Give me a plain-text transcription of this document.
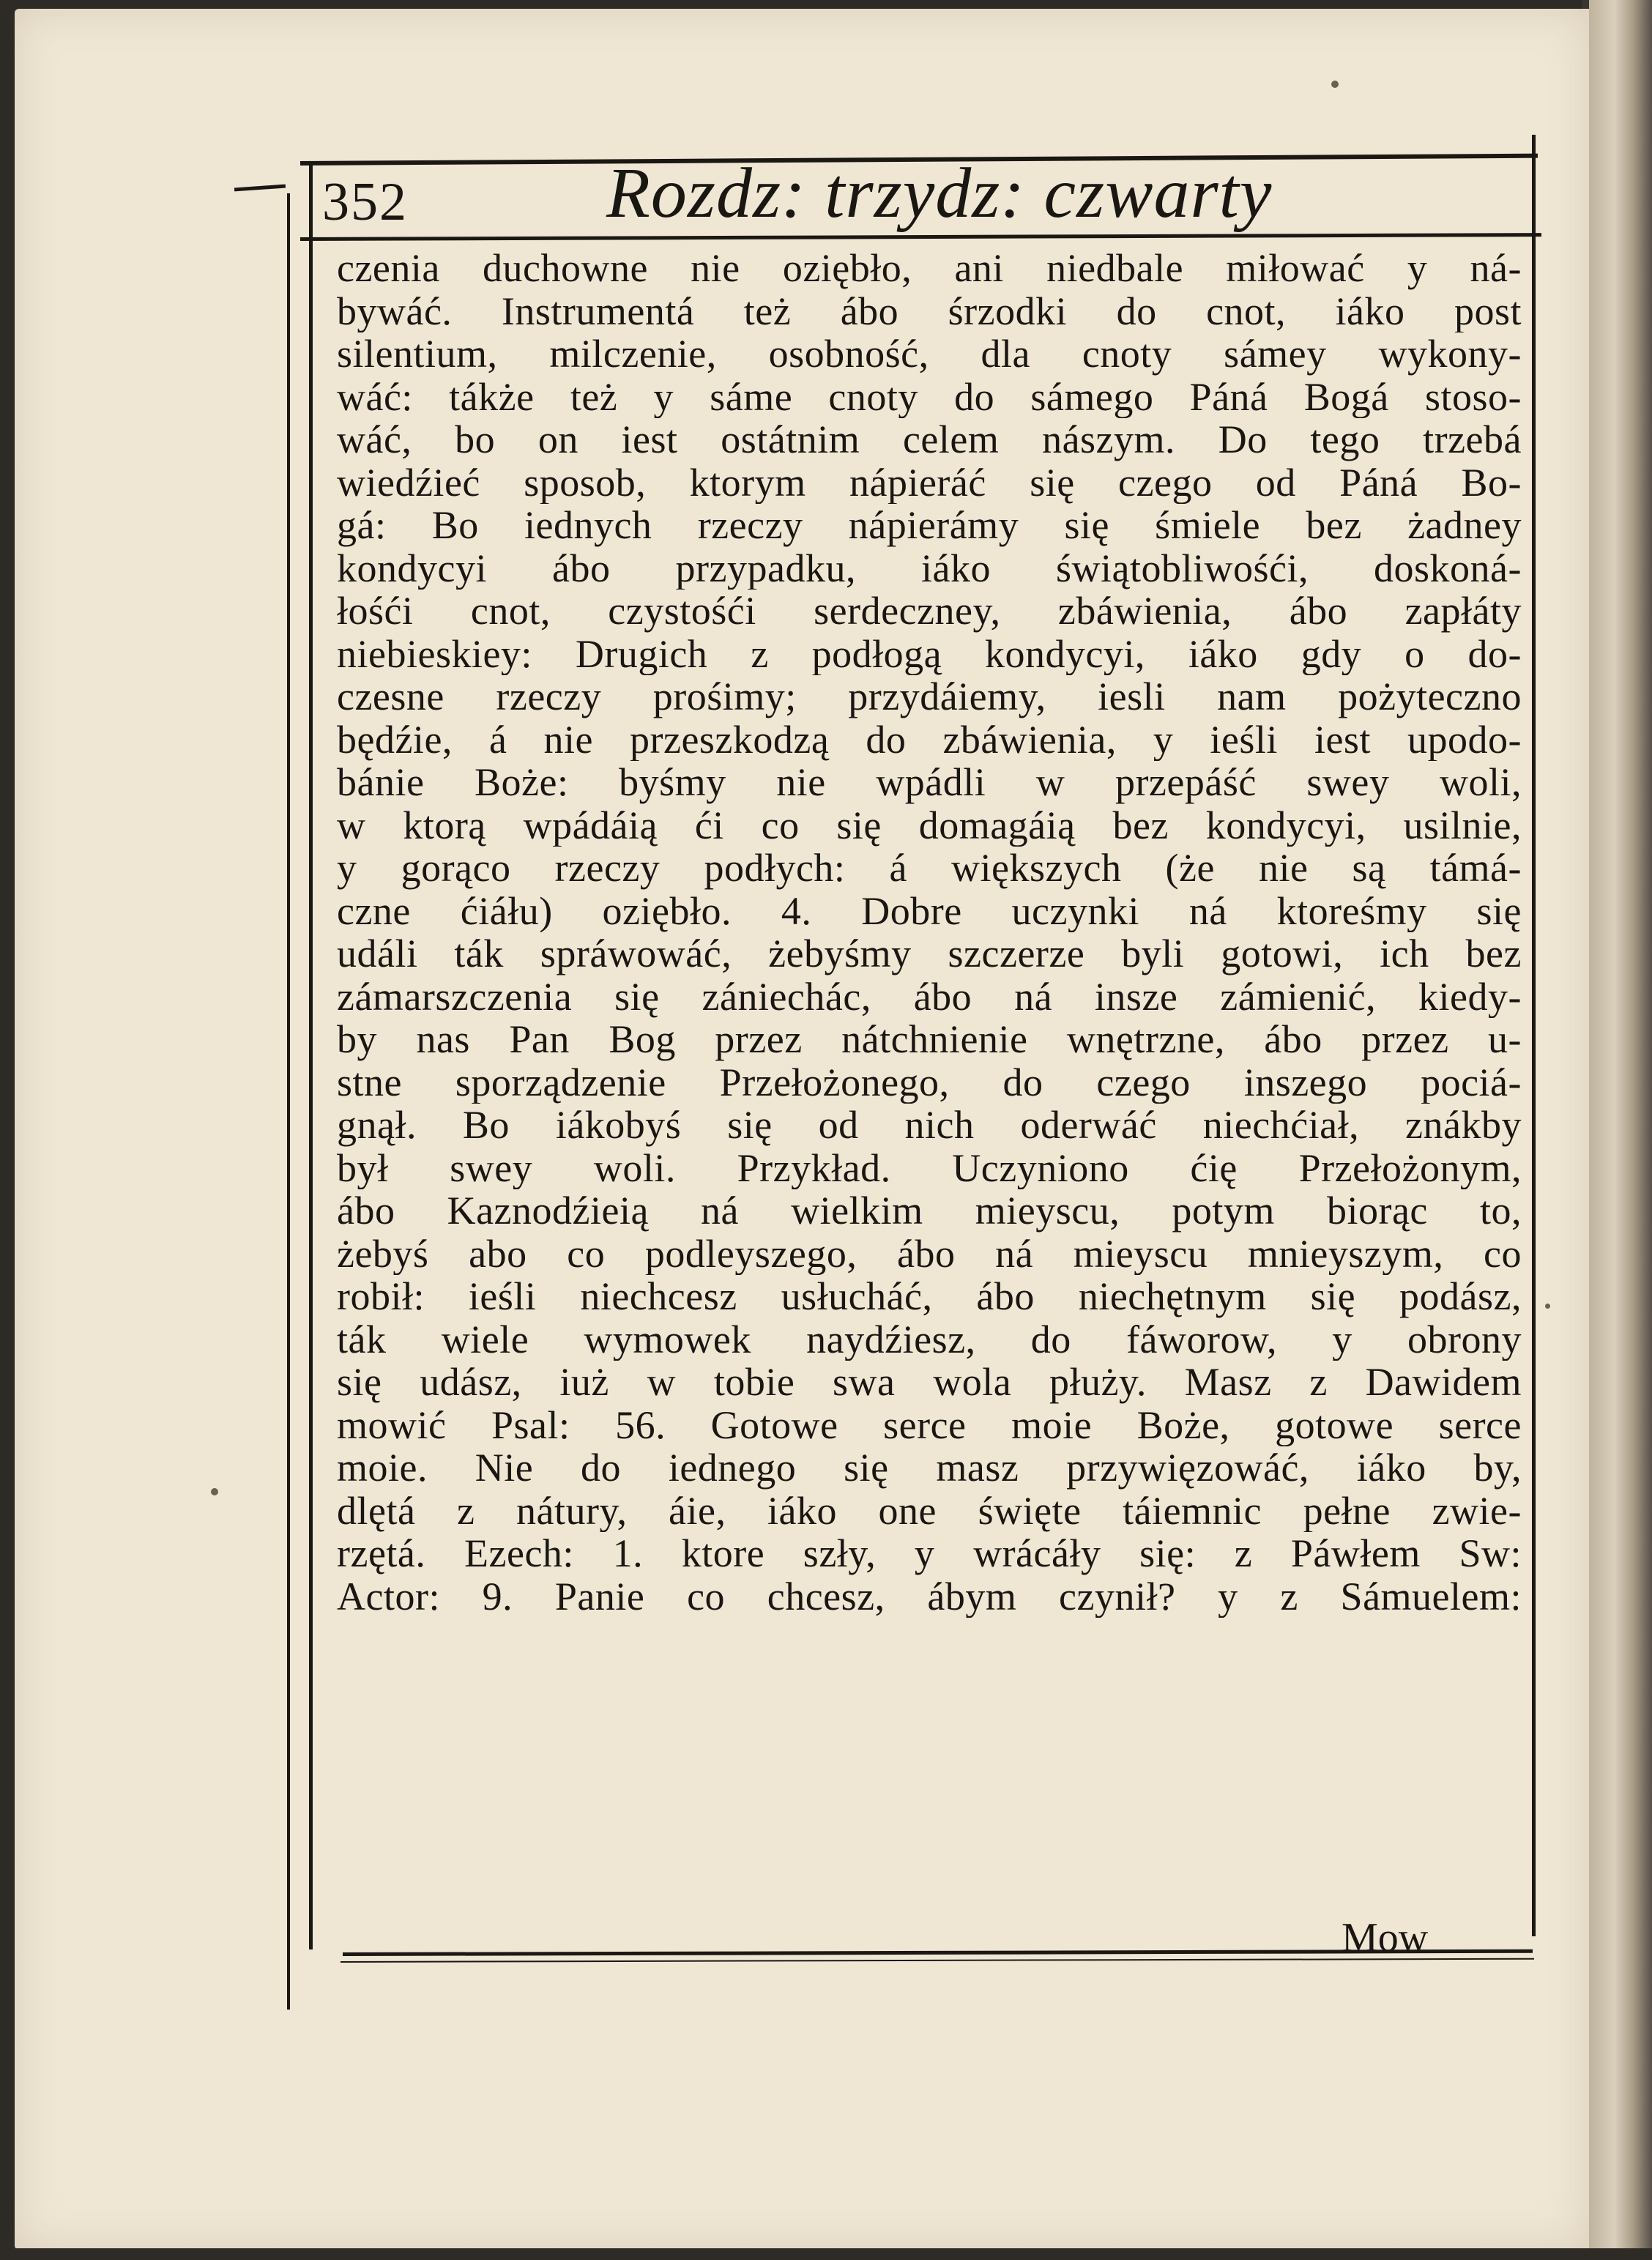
352	Rozdz: trzydz: czwarty
czenia duchowne nie oziębło, ani niedbale miłować y ná-
bywáć. Instrumentá też ábo śrzodki do cnot, iáko post
silentium, milczenie, osobność, dla cnoty sámey wykony-
wáć: tákże też y sáme cnoty do sámego Páná Bogá stoso-
wáć, bo on iest ostátnim celem nászym. Do tego trzebá
wiedźieć sposob, ktorym nápieráć się czego od Páná Bo-
gá: Bo iednych rzeczy nápierámy się śmiele bez żadney
kondycyi ábo przypadku, iáko świątobliwośći, doskoná-
łośći cnot, czystośći serdeczney, zbáwienia, ábo zapłáty
niebieskiey: Drugich z podłogą kondycyi, iáko gdy o do-
czesne rzeczy prośimy; przydáiemy, iesli nam pożyteczno
będźie, á nie przeszkodzą do zbáwienia, y ieśli iest upodo-
bánie Boże: byśmy nie wpádli w przepáść swey woli,
w ktorą wpádáią ći co się domagáią bez kondycyi, usilnie,
y gorąco rzeczy podłych: á większych (że nie są támá-
czne ćiáłu) oziębło. 4. Dobre uczynki ná ktoreśmy się
událi ták spráwowáć, żebyśmy szczerze byli gotowi, ich bez
zámarszczenia się zániechác, ábo ná insze zámienić, kiedy-
by nas Pan Bog przez nátchnienie wnętrzne, ábo przez u-
stne sporządzenie Przełożonego, do czego inszego pociá-
gnął. Bo iákobyś się od nich oderwáć niechćiał, znákby
był swey woli. Przykład. Uczyniono ćię Przełożonym,
ábo Kaznodźieią ná wielkim mieyscu, potym biorąc to,
żebyś abo co podleyszego, ábo ná mieyscu mnieyszym, co
robił: ieśli niechcesz usłucháć, ábo niechętnym się podász,
ták wiele wymowek naydźiesz, do fáworow, y obrony
się udász, iuż w tobie swa wola płuży. Masz z Dawidem
mowić Psal: 56. Gotowe serce moie Boże, gotowe serce
moie. Nie do iednego się masz przywięzowáć, iáko by,
dlętá z nátury, áie, iáko one święte táiemnic pełne zwie-
rzętá. Ezech: 1. ktore szły, y wrácáły się: z Páwłem Sw:
Actor: 9. Panie co chcesz, ábym czynił? y z Sámuelem:
Mow
